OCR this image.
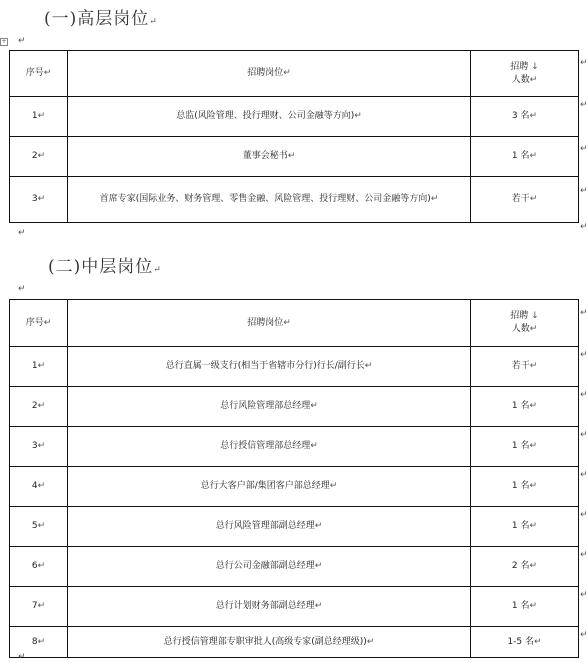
(一)高层岗位↵
+ ↵
序号↵	招聘岗位↵	招聘 ↓
人数↵
1↵	总监(风险管理、投行理财、公司金融等方向)↵	3 名↵
2↵	董事会秘书↵	1 名↵
3↵	首席专家(国际业务、财务管理、零售金融、风险管理、投行理财、公司金融等方向)↵	若干↵
↵
(二)中层岗位↵
↵
序号↵	招聘岗位↵	招聘 ↓
人数↵
1↵	总行直属一级支行(相当于省辖市分行)行长/副行长↵	若干↵
2↵	总行风险管理部总经理↵	1 名↵
3↵	总行授信管理部总经理↵	1 名↵
4↵	总行大客户部/集团客户部总经理↵	1 名↵
5↵	总行风险管理部副总经理↵	1 名↵
6↵	总行公司金融部副总经理↵	2 名↵
7↵	总行计划财务部副总经理↵	1 名↵
8↵	总行授信管理部专职审批人(高级专家(副总经理级))↵	1-5 名↵
↵
↵
↵
↵
↵
↵
↵
↵
↵
↵
↵
↵
↵
↵
↵
